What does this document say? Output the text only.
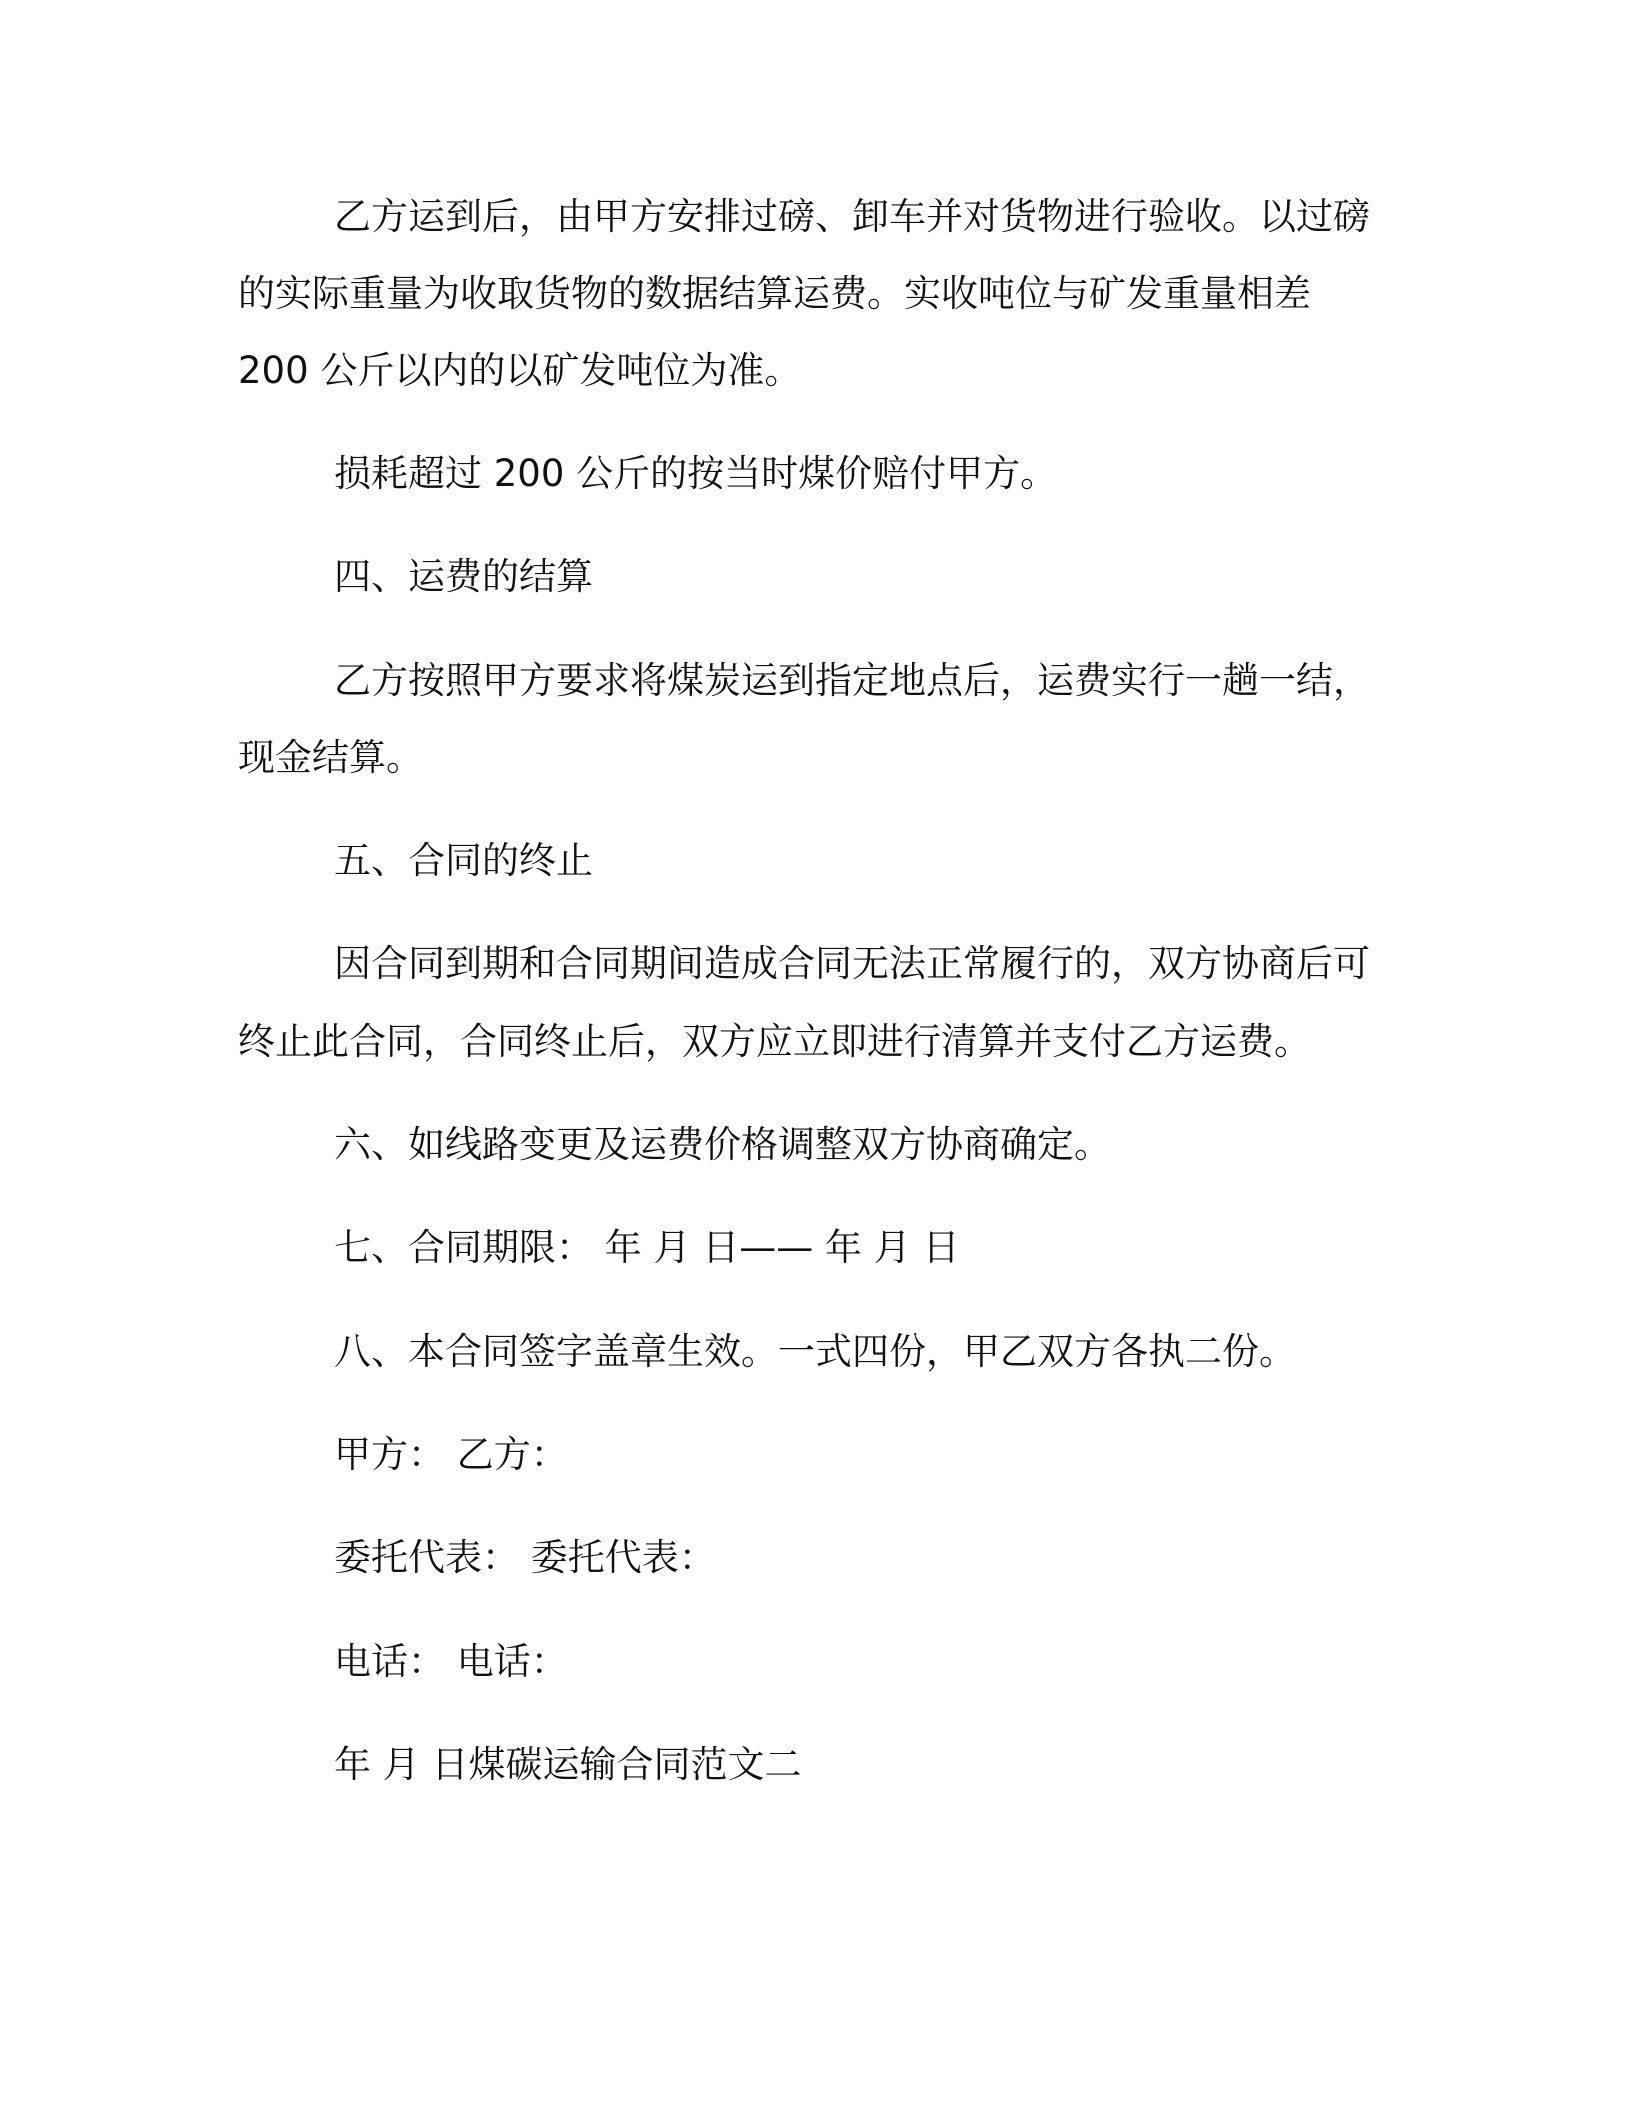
乙方运到后，由甲方安排过磅、卸车并对货物进行验收。以过磅
的实际重量为收取货物的数据结算运费。实收吨位与矿发重量相差
200 公斤以内的以矿发吨位为准。
损耗超过 200 公斤的按当时煤价赔付甲方。
四、运费的结算
乙方按照甲方要求将煤炭运到指定地点后，运费实行一趟一结，
现金结算。
五、合同的终止
因合同到期和合同期间造成合同无法正常履行的，双方协商后可
终止此合同，合同终止后，双方应立即进行清算并支付乙方运费。
六、如线路变更及运费价格调整双方协商确定。
七、合同期限： 年 月 日—— 年 月 日
八、本合同签字盖章生效。一式四份，甲乙双方各执二份。
甲方： 乙方：
委托代表： 委托代表：
电话： 电话：
年 月 日煤碳运输合同范文二
